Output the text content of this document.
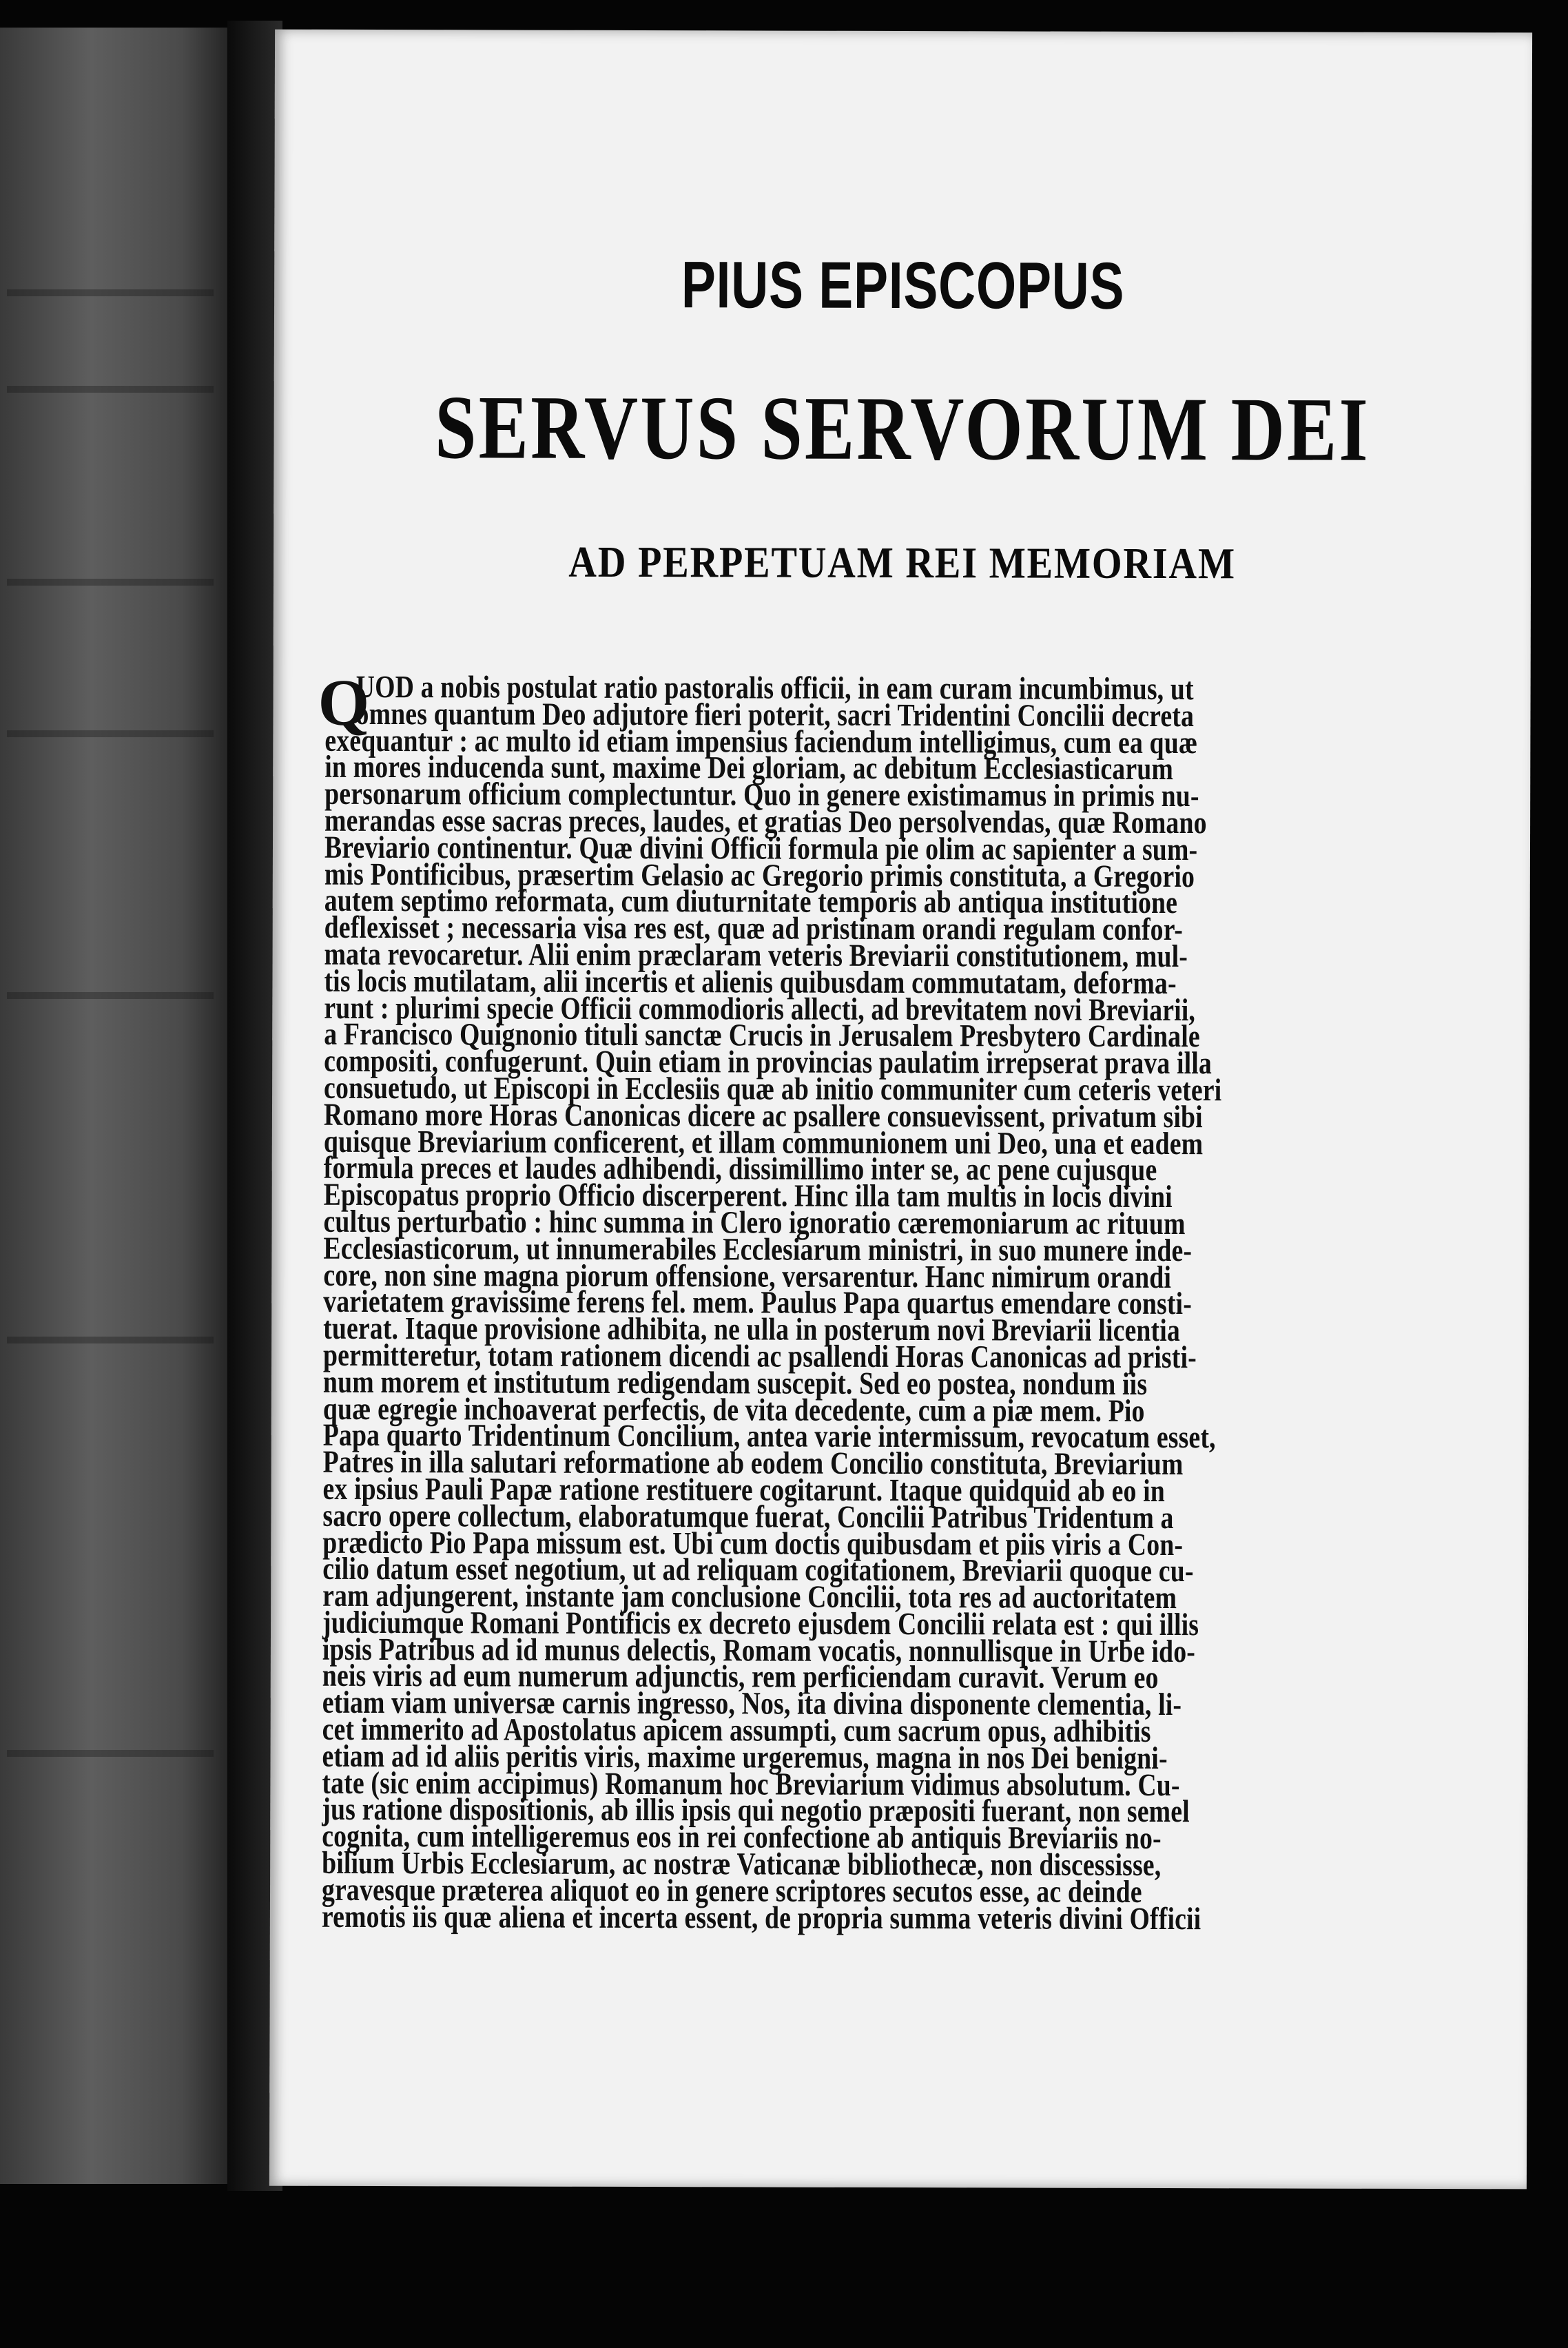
PIUS EPISCOPUS
SERVUS SERVORUM DEI
AD PERPETUAM REI MEMORIAM
Q
UOD a nobis postulat ratio pastoralis officii, in eam curam incumbimus, ut
omnes quantum Deo adjutore fieri poterit, sacri Tridentini Concilii decreta
exequantur : ac multo id etiam impensius faciendum intelligimus, cum ea quæ
in mores inducenda sunt, maxime Dei gloriam, ac debitum Ecclesiasticarum
personarum officium complectuntur. Quo in genere existimamus in primis nu-
merandas esse sacras preces, laudes, et gratias Deo persolvendas, quæ Romano
Breviario continentur. Quæ divini Officii formula pie olim ac sapienter a sum-
mis Pontificibus, præsertim Gelasio ac Gregorio primis constituta, a Gregorio
autem septimo reformata, cum diuturnitate temporis ab antiqua institutione
deflexisset ; necessaria visa res est, quæ ad pristinam orandi regulam confor-
mata revocaretur. Alii enim præclaram veteris Breviarii constitutionem, mul-
tis locis mutilatam, alii incertis et alienis quibusdam commutatam, deforma-
runt : plurimi specie Officii commodioris allecti, ad brevitatem novi Breviarii,
a Francisco Quignonio tituli sanctæ Crucis in Jerusalem Presbytero Cardinale
compositi, confugerunt. Quin etiam in provincias paulatim irrepserat prava illa
consuetudo, ut Episcopi in Ecclesiis quæ ab initio communiter cum ceteris veteri
Romano more Horas Canonicas dicere ac psallere consuevissent, privatum sibi
quisque Breviarium conficerent, et illam communionem uni Deo, una et eadem
formula preces et laudes adhibendi, dissimillimo inter se, ac pene cujusque
Episcopatus proprio Officio discerperent. Hinc illa tam multis in locis divini
cultus perturbatio : hinc summa in Clero ignoratio cæremoniarum ac rituum
Ecclesiasticorum, ut innumerabiles Ecclesiarum ministri, in suo munere inde-
core, non sine magna piorum offensione, versarentur. Hanc nimirum orandi
varietatem gravissime ferens fel. mem. Paulus Papa quartus emendare consti-
tuerat. Itaque provisione adhibita, ne ulla in posterum novi Breviarii licentia
permitteretur, totam rationem dicendi ac psallendi Horas Canonicas ad pristi-
num morem et institutum redigendam suscepit. Sed eo postea, nondum iis
quæ egregie inchoaverat perfectis, de vita decedente, cum a piæ mem. Pio
Papa quarto Tridentinum Concilium, antea varie intermissum, revocatum esset,
Patres in illa salutari reformatione ab eodem Concilio constituta, Breviarium
ex ipsius Pauli Papæ ratione restituere cogitarunt. Itaque quidquid ab eo in
sacro opere collectum, elaboratumque fuerat, Concilii Patribus Tridentum a
prædicto Pio Papa missum est. Ubi cum doctis quibusdam et piis viris a Con-
cilio datum esset negotium, ut ad reliquam cogitationem, Breviarii quoque cu-
ram adjungerent, instante jam conclusione Concilii, tota res ad auctoritatem
judiciumque Romani Pontificis ex decreto ejusdem Concilii relata est : qui illis
ipsis Patribus ad id munus delectis, Romam vocatis, nonnullisque in Urbe ido-
neis viris ad eum numerum adjunctis, rem perficiendam curavit. Verum eo
etiam viam universæ carnis ingresso, Nos, ita divina disponente clementia, li-
cet immerito ad Apostolatus apicem assumpti, cum sacrum opus, adhibitis
etiam ad id aliis peritis viris, maxime urgeremus, magna in nos Dei benigni-
tate (sic enim accipimus) Romanum hoc Breviarium vidimus absolutum. Cu-
jus ratione dispositionis, ab illis ipsis qui negotio præpositi fuerant, non semel
cognita, cum intelligeremus eos in rei confectione ab antiquis Breviariis no-
bilium Urbis Ecclesiarum, ac nostræ Vaticanæ bibliothecæ, non discessisse,
gravesque præterea aliquot eo in genere scriptores secutos esse, ac deinde
remotis iis quæ aliena et incerta essent, de propria summa veteris divini Officii
